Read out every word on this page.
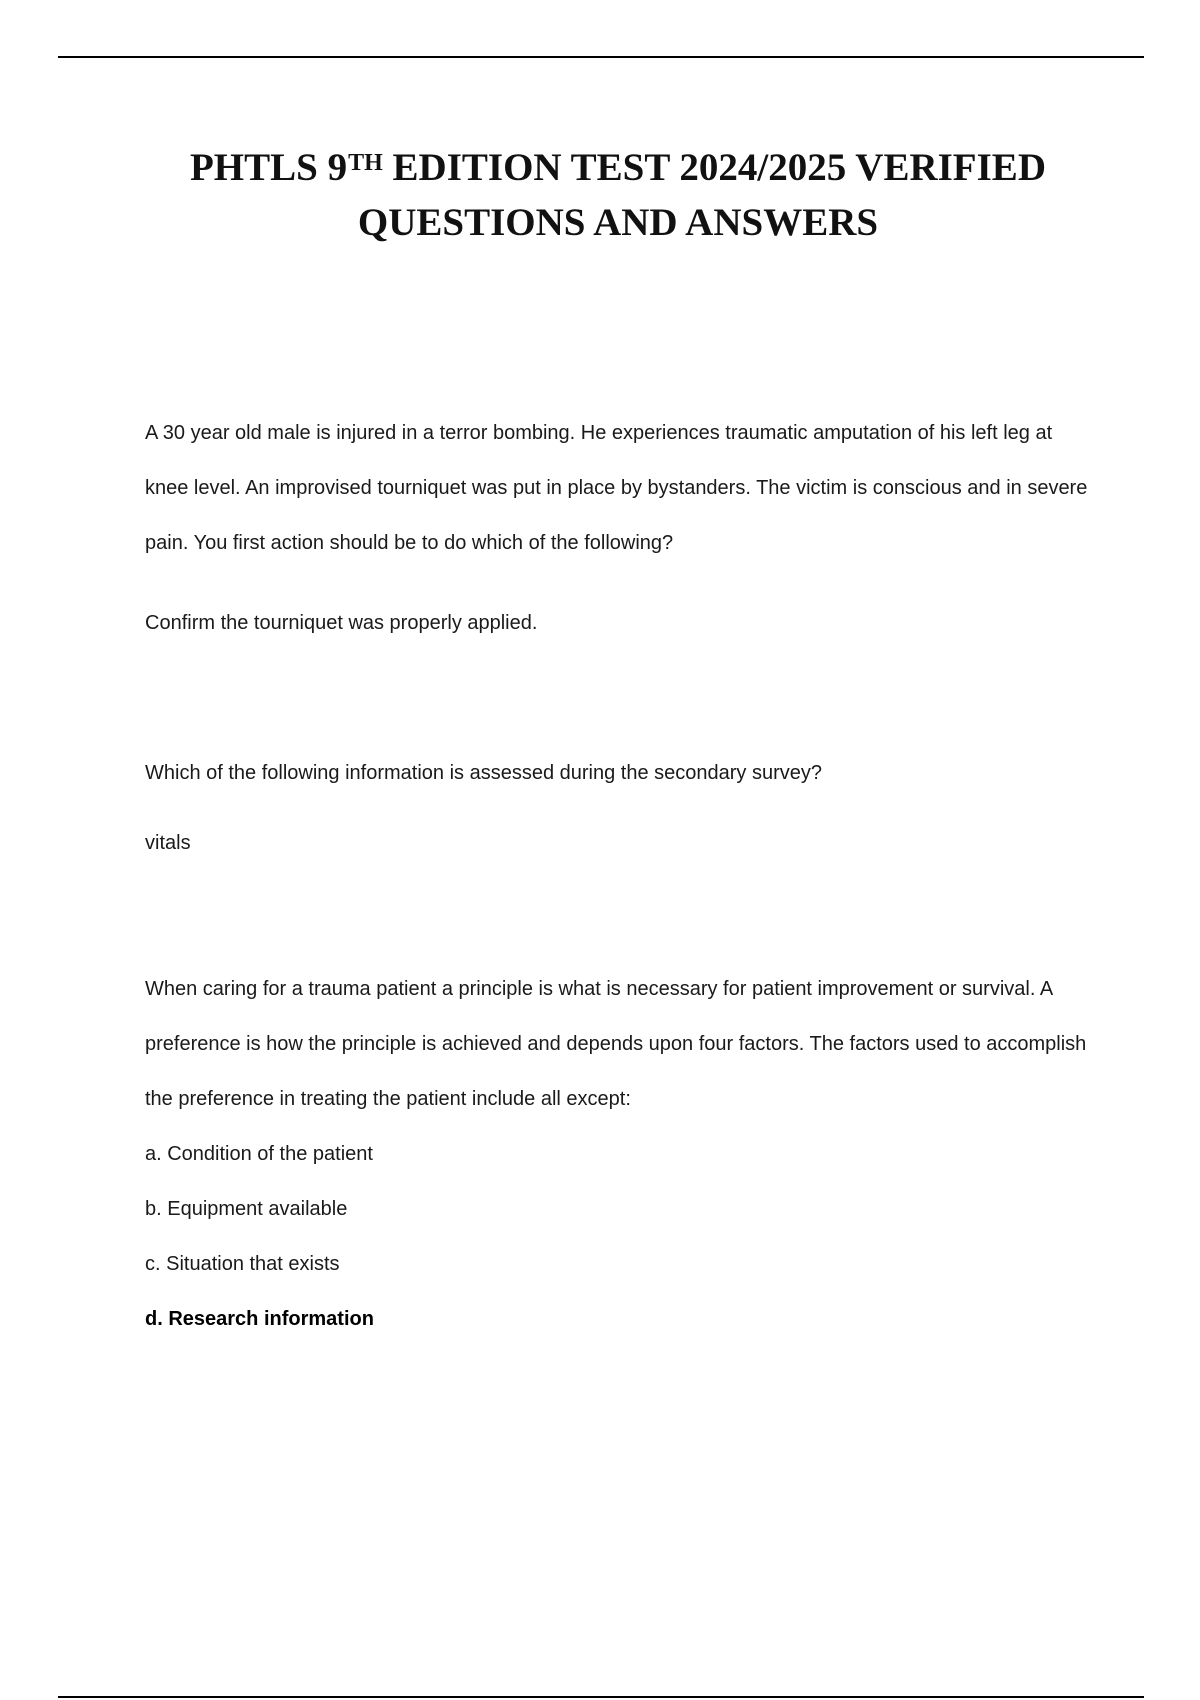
PHTLS 9TH EDITION TEST 2024/2025 VERIFIED
QUESTIONS AND ANSWERS

A 30 year old male is injured in a terror bombing. He experiences traumatic amputation of his left leg at knee level. An improvised tourniquet was put in place by bystanders. The victim is conscious and in severe pain. You first action should be to do which of the following?

Confirm the tourniquet was properly applied.

Which of the following information is assessed during the secondary survey?

vitals

When caring for a trauma patient a principle is what is necessary for patient improvement or survival. A preference is how the principle is achieved and depends upon four factors. The factors used to accomplish the preference in treating the patient include all except:

a. Condition of the patient

b. Equipment available

c. Situation that exists

d. Research information
